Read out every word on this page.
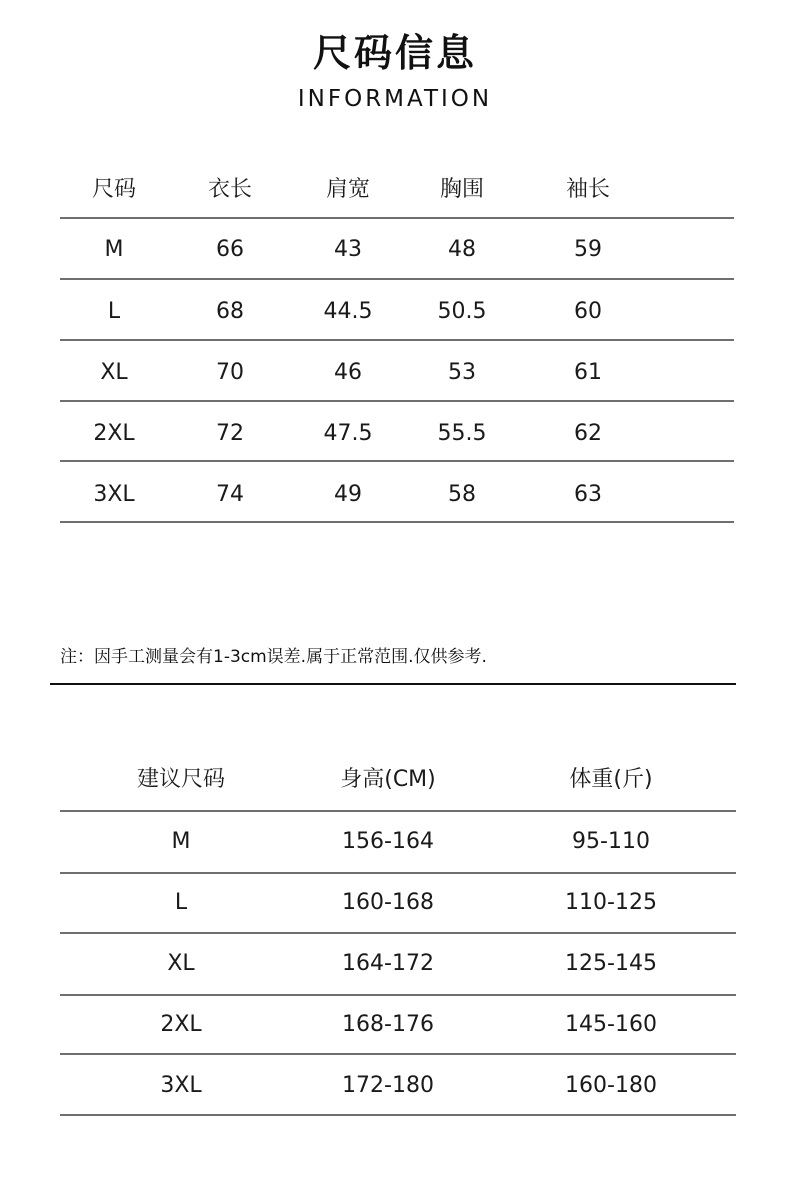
尺码信息
INFORMATION
尺码	衣长	肩宽	胸围	袖长
M	66	43	48	59
L	68	44.5	50.5	60
XL	70	46	53	61
2XL	72	47.5	55.5	62
3XL	74	49	58	63
注：因手工测量会有1-3cm误差.属于正常范围.仅供参考.
建议尺码	身高(CM)	体重(斤)
M	156-164	95-110
L	160-168	110-125
XL	164-172	125-145
2XL	168-176	145-160
3XL	172-180	160-180
